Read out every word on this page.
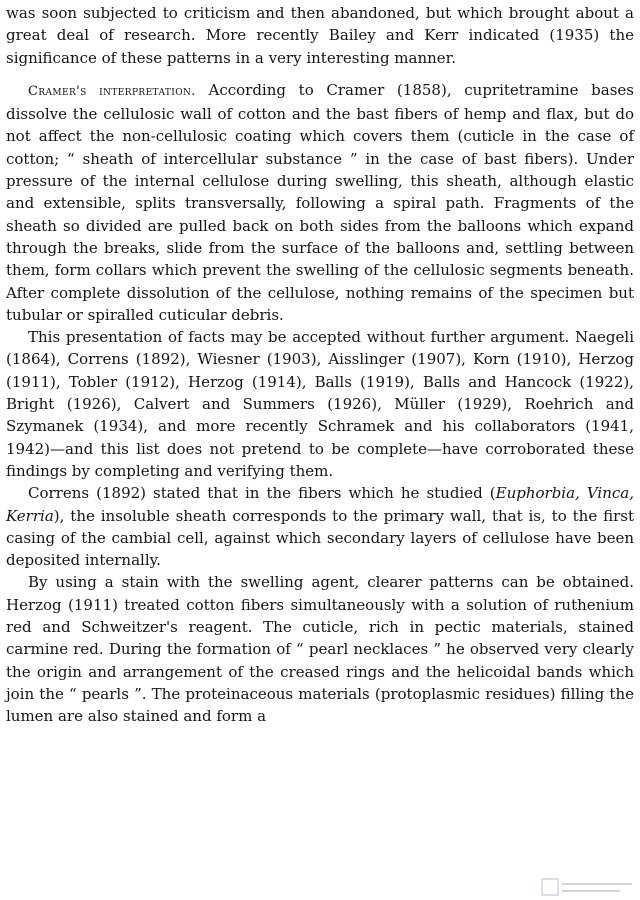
was soon subjected to criticism and then abandoned, but which brought about a great deal of research. More recently Bailey and Kerr indicated (1935) the significance of these patterns in a very interesting manner.

Cramer's interpretation. According to Cramer (1858), cupritetramine bases dissolve the cellulosic wall of cotton and the bast fibers of hemp and flax, but do not affect the non-cellulosic coating which covers them (cuticle in the case of cotton; “ sheath of intercellular substance ” in the case of bast fibers). Under pressure of the internal cellulose during swelling, this sheath, although elastic and extensible, splits transversally, following a spiral path. Fragments of the sheath so divided are pulled back on both sides from the balloons which expand through the breaks, slide from the surface of the balloons and, settling between them, form collars which prevent the swelling of the cellulosic segments beneath. After complete dissolution of the cellulose, nothing remains of the specimen but tubular or spiralled cuticular debris.

This presentation of facts may be accepted without further argument. Naegeli (1864), Correns (1892), Wiesner (1903), Aisslinger (1907), Korn (1910), Herzog (1911), Tobler (1912), Herzog (1914), Balls (1919), Balls and Hancock (1922), Bright (1926), Calvert and Summers (1926), Müller (1929), Roehrich and Szymanek (1934), and more recently Schramek and his collaborators (1941, 1942)—and this list does not pretend to be complete—have corroborated these findings by completing and verifying them.

Correns (1892) stated that in the fibers which he studied (Euphorbia, Vinca, Kerria), the insoluble sheath corresponds to the primary wall, that is, to the first casing of the cambial cell, against which secondary layers of cellulose have been deposited internally.

By using a stain with the swelling agent, clearer patterns can be obtained. Herzog (1911) treated cotton fibers simultaneously with a solution of ruthenium red and Schweitzer's reagent. The cuticle, rich in pectic materials, stained carmine red. During the formation of “ pearl necklaces ” he observed very clearly the origin and arrangement of the creased rings and the helicoidal bands which join the “ pearls ”. The proteinaceous materials (protoplasmic residues) filling the lumen are also stained and form a
